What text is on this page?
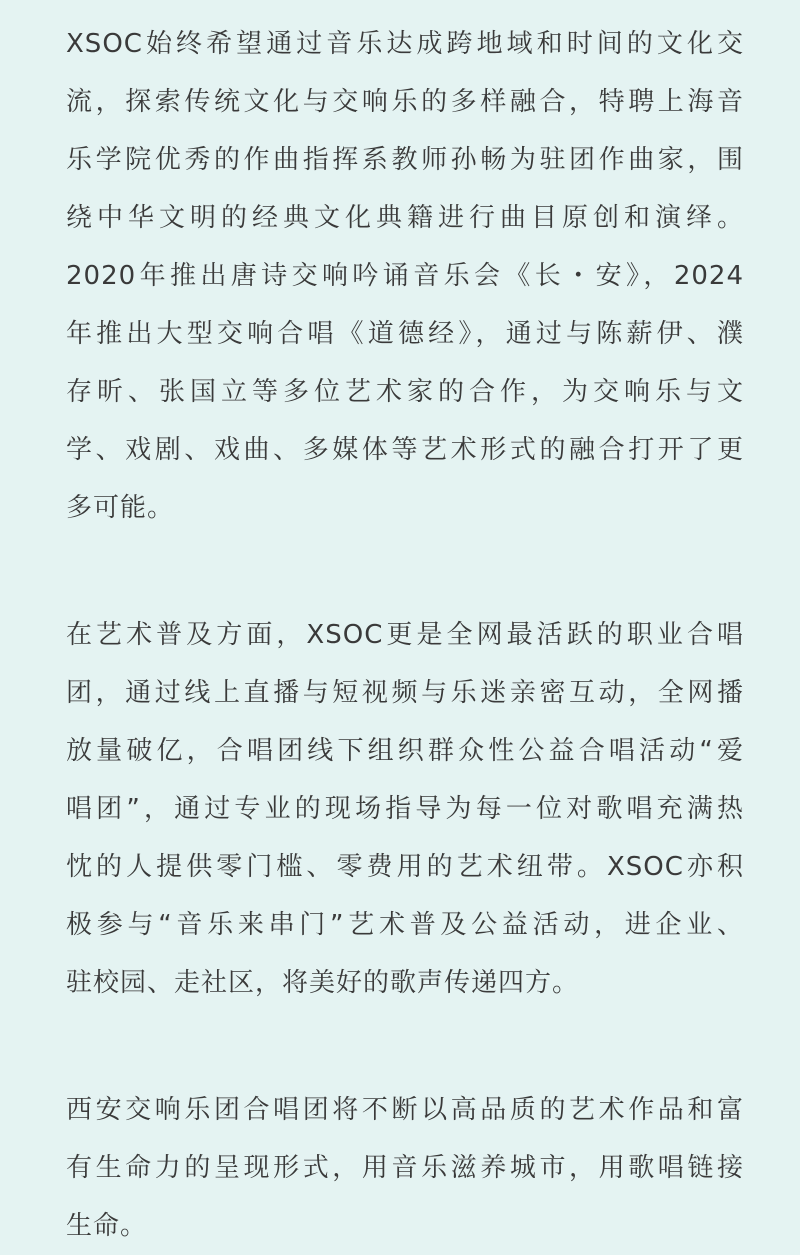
XSOC始终希望通过音乐达成跨地域和时间的文化交
流，探索传统文化与交响乐的多样融合，特聘上海音
乐学院优秀的作曲指挥系教师孙畅为驻团作曲家，围
绕中华文明的经典文化典籍进行曲目原创和演绎。
2020年推出唐诗交响吟诵音乐会《长・安》，2024
年推出大型交响合唱《道德经》，通过与陈薪伊、濮
存昕、张国立等多位艺术家的合作，为交响乐与文
学、戏剧、戏曲、多媒体等艺术形式的融合打开了更
多可能。
在艺术普及方面，XSOC更是全网最活跃的职业合唱
团，通过线上直播与短视频与乐迷亲密互动，全网播
放量破亿，合唱团线下组织群众性公益合唱活动“爱
唱团”，通过专业的现场指导为每一位对歌唱充满热
忱的人提供零门槛、零费用的艺术纽带。XSOC亦积
极参与“音乐来串门”艺术普及公益活动，进企业、
驻校园、走社区，将美好的歌声传递四方。
西安交响乐团合唱团将不断以高品质的艺术作品和富
有生命力的呈现形式，用音乐滋养城市，用歌唱链接
生命。
